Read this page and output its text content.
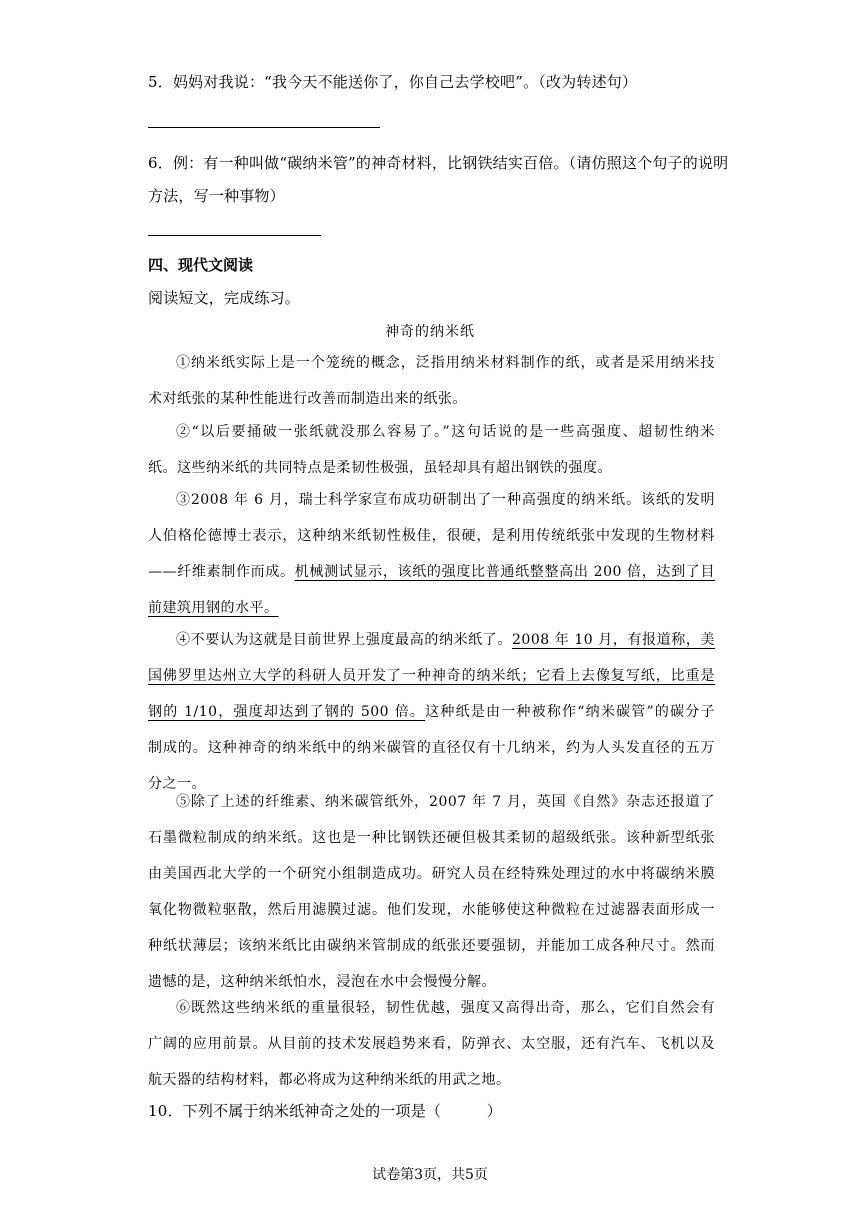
5．妈妈对我说：“我今天不能送你了，你自己去学校吧”。（改为转述句）
6．例：有一种叫做“碳纳米管”的神奇材料，比钢铁结实百倍。（请仿照这个句子的说明
方法，写一种事物）
四、现代文阅读
阅读短文，完成练习。
神奇的纳米纸
①纳米纸实际上是一个笼统的概念，泛指用纳米材料制作的纸，或者是采用纳米技
术对纸张的某种性能进行改善而制造出来的纸张。
②“以后要捅破一张纸就没那么容易了。”这句话说的是一些高强度、超韧性纳米
纸。这些纳米纸的共同特点是柔韧性极强，虽轻却具有超出钢铁的强度。
③2008 年 6 月，瑞士科学家宣布成功研制出了一种高强度的纳米纸。该纸的发明
人伯格伦德博士表示，这种纳米纸韧性极佳，很硬，是利用传统纸张中发现的生物材料
——纤维素制作而成。机械测试显示，该纸的强度比普通纸整整高出 200 倍，达到了目
前建筑用钢的水平。
④不要认为这就是目前世界上强度最高的纳米纸了。2008 年 10 月，有报道称，美
国佛罗里达州立大学的科研人员开发了一种神奇的纳米纸；它看上去像复写纸，比重是
钢的 1/10，强度却达到了钢的 500 倍。这种纸是由一种被称作“纳米碳管”的碳分子
制成的。这种神奇的纳米纸中的纳米碳管的直径仅有十几纳米，约为人头发直径的五万
分之一。
⑤除了上述的纤维素、纳米碳管纸外，2007 年 7 月，英国《自然》杂志还报道了
石墨微粒制成的纳米纸。这也是一种比钢铁还硬但极其柔韧的超级纸张。该种新型纸张
由美国西北大学的一个研究小组制造成功。研究人员在经特殊处理过的水中将碳纳米膜
氧化物微粒驱散，然后用滤膜过滤。他们发现，水能够使这种微粒在过滤器表面形成一
种纸状薄层；该纳米纸比由碳纳米管制成的纸张还要强韧，并能加工成各种尺寸。然而
遗憾的是，这种纳米纸怕水，浸泡在水中会慢慢分解。
⑥既然这些纳米纸的重量很轻，韧性优越，强度又高得出奇，那么，它们自然会有
广阔的应用前景。从目前的技术发展趋势来看，防弹衣、太空服，还有汽车、飞机以及
航天器的结构材料，都必将成为这种纳米纸的用武之地。
10．下列不属于纳米纸神奇之处的一项是（　　　）
试卷第3页，共5页
